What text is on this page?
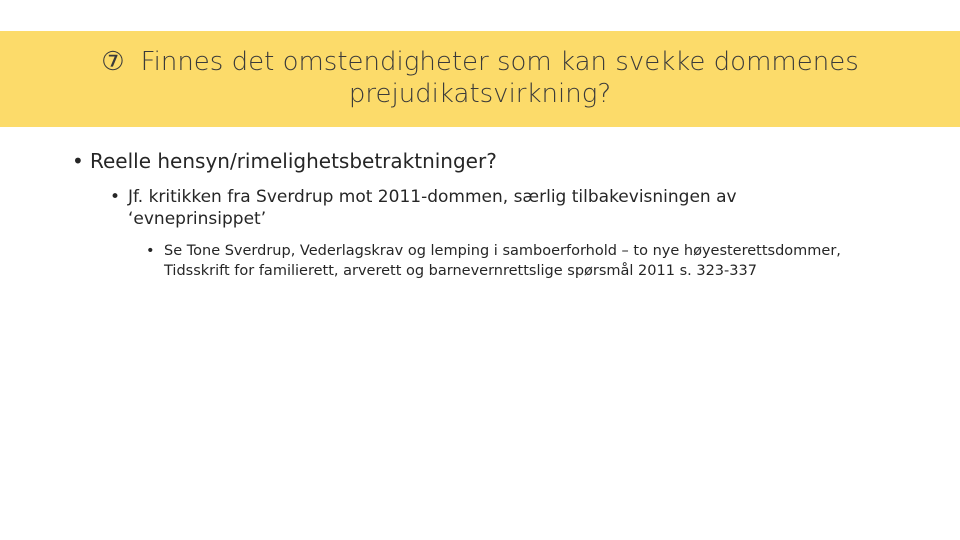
⑦ Finnes det omstendigheter som kan svekke dommenes
prejudikatsvirkning?
• Reelle hensyn/rimelighetsbetraktninger?
• Jf. kritikken fra Sverdrup mot 2011-dommen, særlig tilbakevisningen av ‘evneprinsippet’
• Se Tone Sverdrup, Vederlagskrav og lemping i samboerforhold – to nye høyesterettsdommer, Tidsskrift for familierett, arverett og barnevernrettslige spørsmål 2011 s. 323-337
